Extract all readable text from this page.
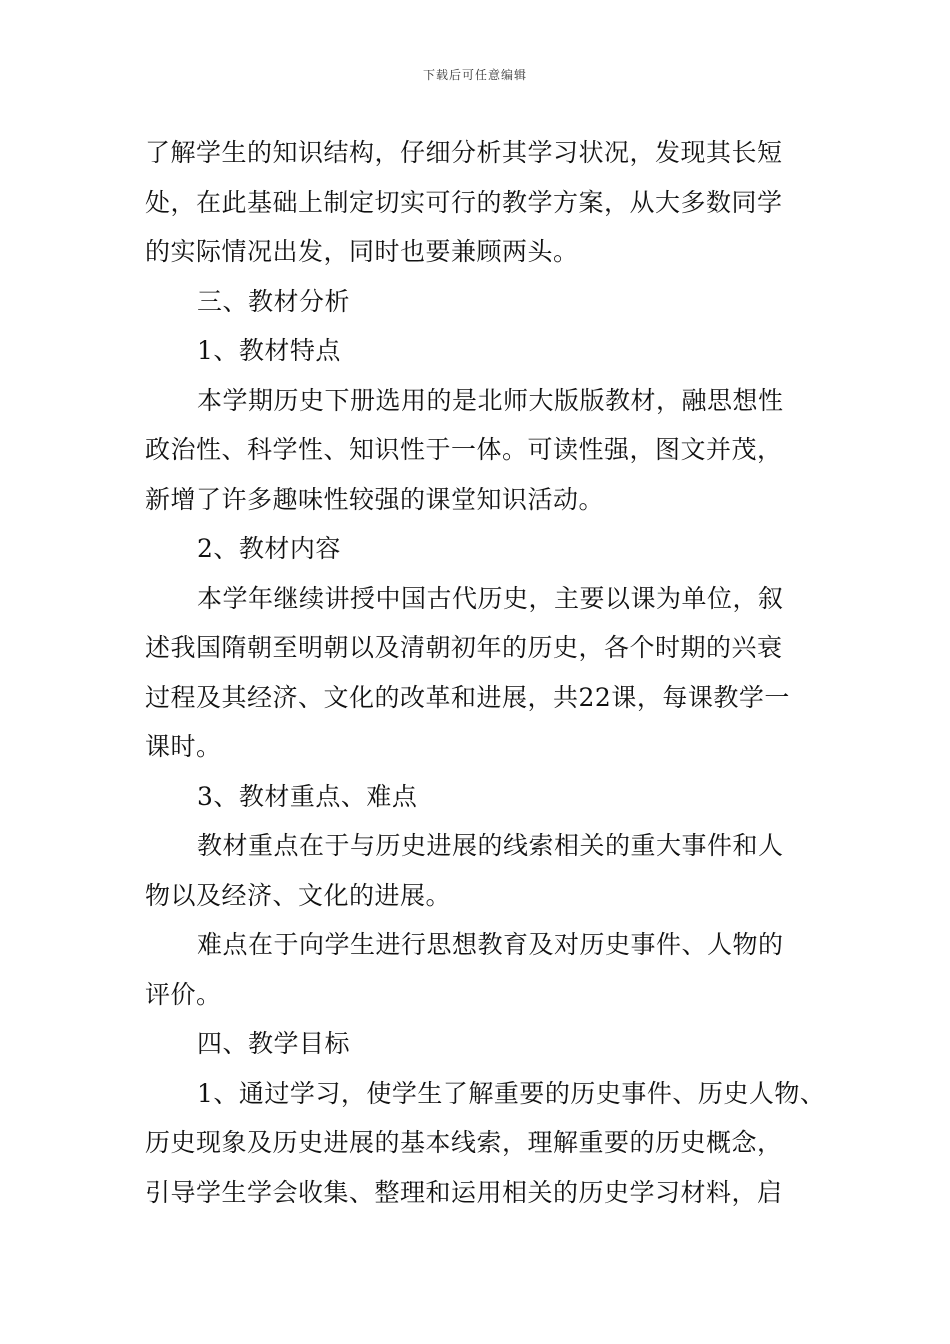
下载后可任意编辑
了解学生的知识结构，仔细分析其学习状况，发现其长短
处，在此基础上制定切实可行的教学方案，从大多数同学
的实际情况出发，同时也要兼顾两头。
三、教材分析
1、教材特点
本学期历史下册选用的是北师大版版教材，融思想性
政治性、科学性、知识性于一体。可读性强，图文并茂，
新增了许多趣味性较强的课堂知识活动。
2、教材内容
本学年继续讲授中国古代历史，主要以课为单位，叙
述我国隋朝至明朝以及清朝初年的历史，各个时期的兴衰
过程及其经济、文化的改革和进展，共22课，每课教学一
课时。
3、教材重点、难点
教材重点在于与历史进展的线索相关的重大事件和人
物以及经济、文化的进展。
难点在于向学生进行思想教育及对历史事件、人物的
评价。
四、教学目标
1、通过学习，使学生了解重要的历史事件、历史人物、
历史现象及历史进展的基本线索，理解重要的历史概念，
引导学生学会收集、整理和运用相关的历史学习材料，启
